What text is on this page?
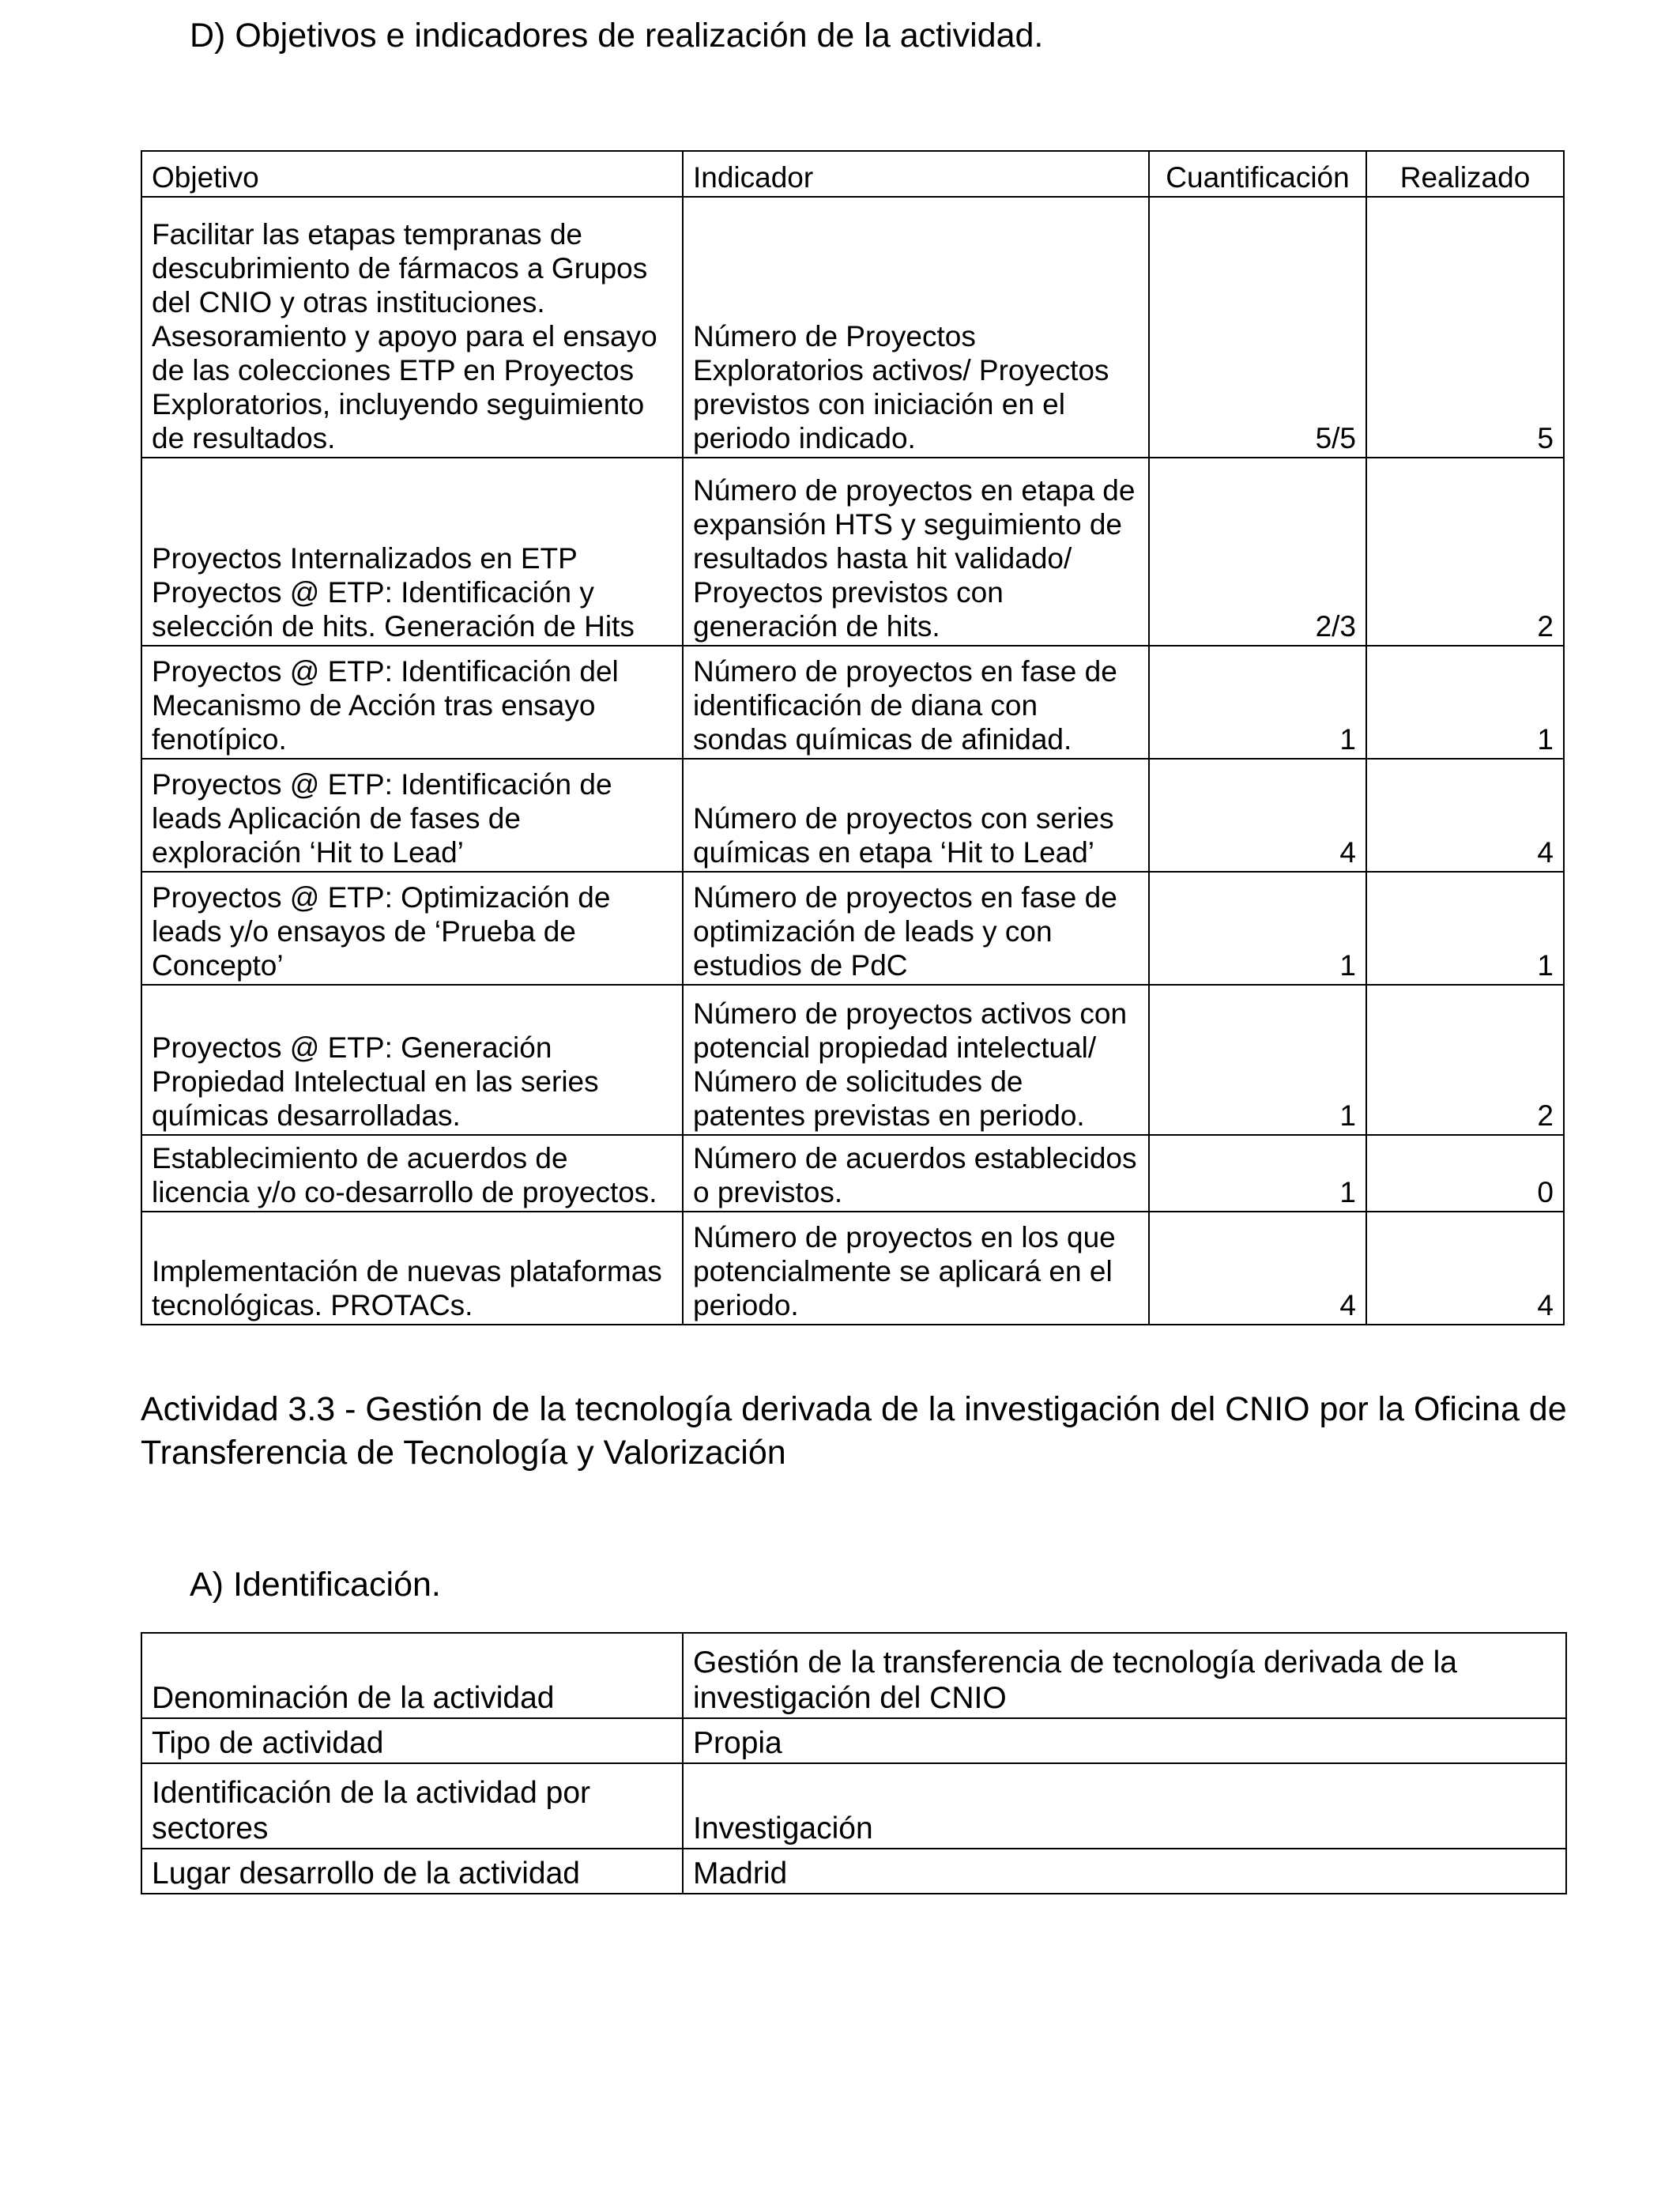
D) Objetivos e indicadores de realización de la actividad.
Objetivo	Indicador	Cuantificación	Realizado
Facilitar las etapas tempranas de descubrimiento de fármacos a Grupos del CNIO y otras instituciones. Asesoramiento y apoyo para el ensayo de las colecciones ETP en Proyectos Exploratorios, incluyendo seguimiento de resultados.	Número de Proyectos Exploratorios activos/ Proyectos previstos con iniciación en el periodo indicado.	5/5	5
Proyectos Internalizados en ETP Proyectos @ ETP: Identificación y selección de hits. Generación de Hits	Número de proyectos en etapa de expansión HTS y seguimiento de resultados hasta hit validado/ Proyectos previstos con generación de hits.	2/3	2
Proyectos @ ETP: Identificación del Mecanismo de Acción tras ensayo fenotípico.	Número de proyectos en fase de identificación de diana con sondas químicas de afinidad.	1	1
Proyectos @ ETP: Identificación de leads Aplicación de fases de exploración ‘Hit to Lead’	Número de proyectos con series químicas en etapa ‘Hit to Lead’	4	4
Proyectos @ ETP: Optimización de leads y/o ensayos de ‘Prueba de Concepto’	Número de proyectos en fase de optimización de leads y con estudios de PdC	1	1
Proyectos @ ETP: Generación Propiedad Intelectual en las series químicas desarrolladas.	Número de proyectos activos con potencial propiedad intelectual/ Número de solicitudes de patentes previstas en periodo.	1	2
Establecimiento de acuerdos de licencia y/o co-desarrollo de proyectos.	Número de acuerdos establecidos o previstos.	1	0
Implementación de nuevas plataformas tecnológicas. PROTACs.	Número de proyectos en los que potencialmente se aplicará en el periodo.	4	4
Actividad 3.3 - Gestión de la tecnología derivada de la investigación del CNIO por la Oficina de Transferencia de Tecnología y Valorización
A) Identificación.
Denominación de la actividad	Gestión de la transferencia de tecnología derivada de la investigación del CNIO
Tipo de actividad	Propia
Identificación de la actividad por sectores	Investigación
Lugar desarrollo de la actividad	Madrid
